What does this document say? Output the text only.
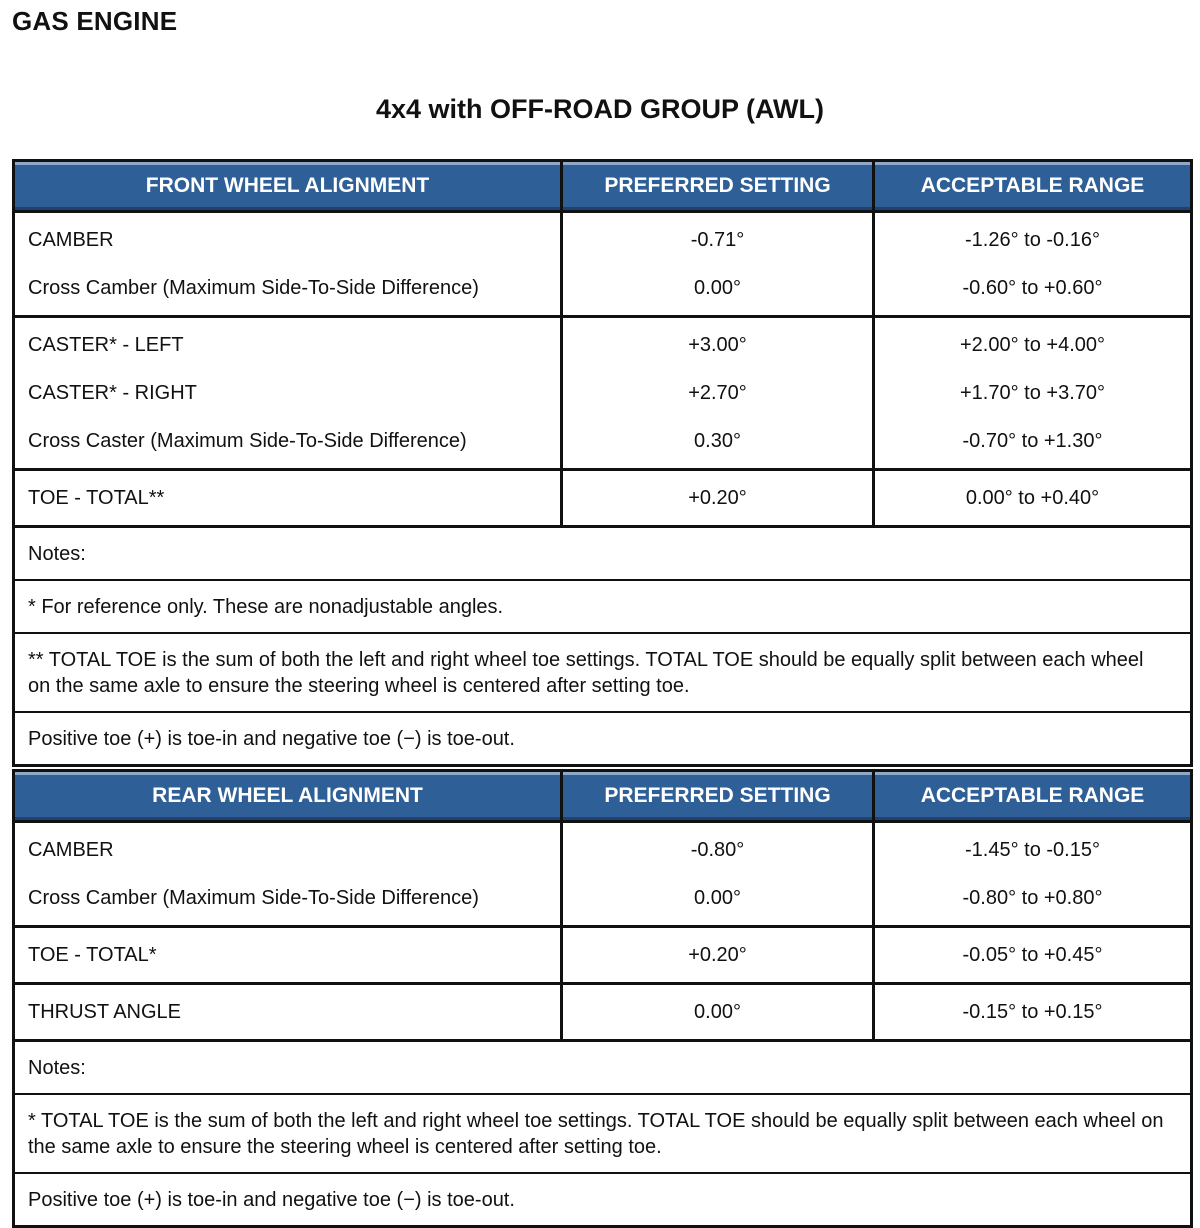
GAS ENGINE
4x4 with OFF-ROAD GROUP (AWL)
FRONT WHEEL ALIGNMENT	PREFERRED SETTING	ACCEPTABLE RANGE
CAMBER	-0.71°	-1.26° to -0.16°
Cross Camber (Maximum Side-To-Side Difference)	0.00°	-0.60° to +0.60°
CASTER* - LEFT	+3.00°	+2.00° to +4.00°
CASTER* - RIGHT	+2.70°	+1.70° to +3.70°
Cross Caster (Maximum Side-To-Side Difference)	0.30°	-0.70° to +1.30°
TOE - TOTAL**	+0.20°	0.00° to +0.40°
Notes:		
* For reference only. These are nonadjustable angles.		
** TOTAL TOE is the sum of both the left and right wheel toe settings. TOTAL TOE should be equally split between each wheel on the same axle to ensure the steering wheel is centered after setting toe.		
Positive toe (+) is toe-in and negative toe (−) is toe-out.		
REAR WHEEL ALIGNMENT	PREFERRED SETTING	ACCEPTABLE RANGE
CAMBER	-0.80°	-1.45° to -0.15°
Cross Camber (Maximum Side-To-Side Difference)	0.00°	-0.80° to +0.80°
TOE - TOTAL*	+0.20°	-0.05° to +0.45°
THRUST ANGLE	0.00°	-0.15° to +0.15°
Notes:		
* TOTAL TOE is the sum of both the left and right wheel toe settings. TOTAL TOE should be equally split between each wheel on the same axle to ensure the steering wheel is centered after setting toe.		
Positive toe (+) is toe-in and negative toe (−) is toe-out.		
